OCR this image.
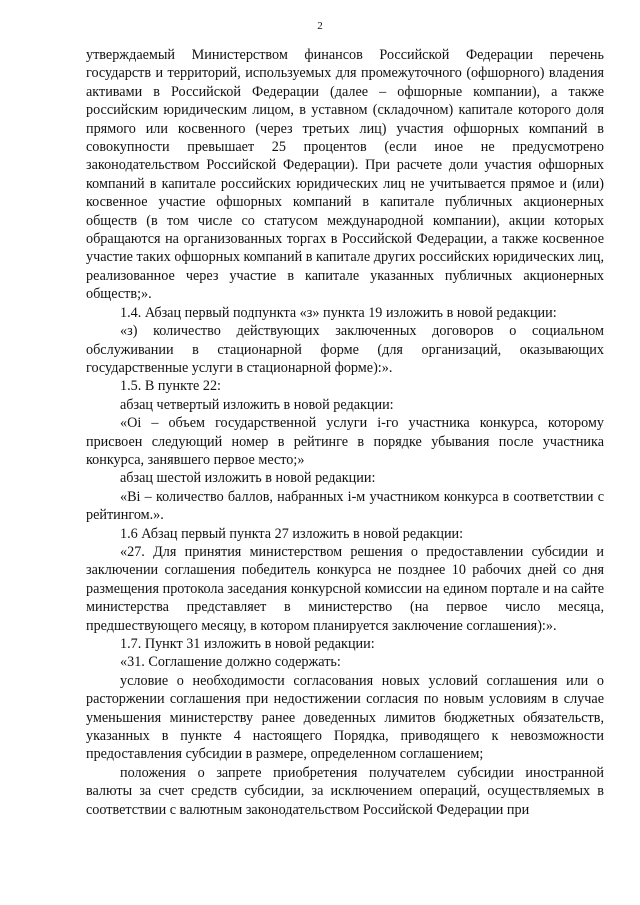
2

утверждаемый Министерством финансов Российской Федерации перечень государств и территорий, используемых для промежуточного (офшорного) владения активами в Российской Федерации (далее – офшорные компании), а также российским юридическим лицом, в уставном (складочном) капитале которого доля прямого или косвенного (через третьих лиц) участия офшорных компаний в совокупности превышает 25 процентов (если иное не предусмотрено законодательством Российской Федерации). При расчете доли участия офшорных компаний в капитале российских юридических лиц не учитывается прямое и (или) косвенное участие офшорных компаний в капитале публичных акционерных обществ (в том числе со статусом международной компании), акции которых обращаются на организованных торгах в Российской Федерации, а также косвенное участие таких офшорных компаний в капитале других российских юридических лиц, реализованное через участие в капитале указанных публичных акционерных обществ;».

1.4. Абзац первый подпункта «з» пункта 19 изложить в новой редакции:

«з) количество действующих заключенных договоров о социальном обслуживании в стационарной форме (для организаций, оказывающих государственные услуги в стационарной форме):».

1.5. В пункте 22:

абзац четвертый изложить в новой редакции:

«Oi – объем государственной услуги i-го участника конкурса, которому присвоен следующий номер в рейтинге в порядке убывания после участника конкурса, занявшего первое место;»

абзац шестой изложить в новой редакции:

«Bi – количество баллов, набранных i-м участником конкурса в соответствии с рейтингом.».

1.6 Абзац первый пункта 27 изложить в новой редакции:

«27. Для принятия министерством решения о предоставлении субсидии и заключении соглашения победитель конкурса не позднее 10 рабочих дней со дня размещения протокола заседания конкурсной комиссии на едином портале и на сайте министерства представляет в министерство (на первое число месяца, предшествующего месяцу, в котором планируется заключение соглашения):».

1.7. Пункт 31 изложить в новой редакции:

«31. Соглашение должно содержать:

условие о необходимости согласования новых условий соглашения или о расторжении соглашения при недостижении согласия по новым условиям в случае уменьшения министерству ранее доведенных лимитов бюджетных обязательств, указанных в пункте 4 настоящего Порядка, приводящего к невозможности предоставления субсидии в размере, определенном соглашением;

положения о запрете приобретения получателем субсидии иностранной валюты за счет средств субсидии, за исключением операций, осуществляемых в соответствии с валютным законодательством Российской Федерации при
